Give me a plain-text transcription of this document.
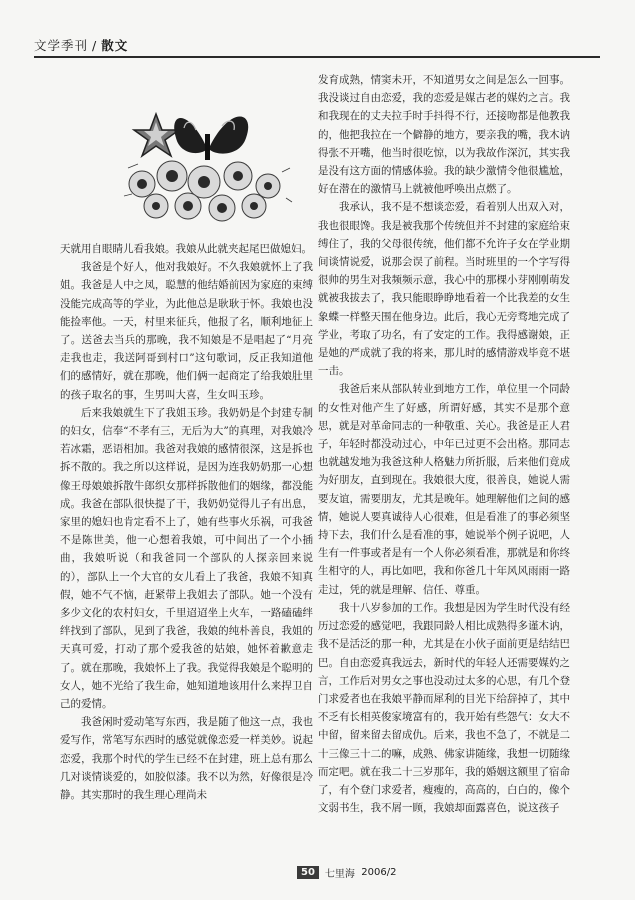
文学季刊 / 散文

天就用自眼睛儿看我娘。我娘从此就夹起尾巴做媳妇。

我爸是个好人，他对我娘好。不久我娘就怀上了我姐。我爸是人中之凤，聪慧的他结婚前因为家庭的束缚没能完成高等的学业，为此他总是耿耿于怀。我娘也没能捡率他。一天，村里来征兵，他报了名，顺利地征上了。送爸去当兵的那晚，我不知娘是不是唱起了“月亮走我也走，我送阿哥到村口”这句歌词，反正我知道他们的感情好，就在那晚，他们俩一起商定了给我娘肚里的孩子取名的事，生男叫大喜，生女叫玉珍。

后来我娘就生下了我姐玉珍。我奶奶是个封建专制的妇女，信奉“不孝有三，无后为大”的真理，对我娘冷若冰霜，恶语相加。我爸对我娘的感情很深，这是拆也拆不散的。我之所以这样说，是因为连我奶奶那一心想像王母娘娘拆散牛郎织女那样拆散他们的姻缘，都没能成。我爸在部队很快提了干，我奶奶觉得儿子有出息，家里的媳妇也肯定看不上了，她有些事火乐祸，可我爸不是陈世美，他一心想着我娘，可中间出了一个小插曲，我娘听说（和我爸同一个部队的人探亲回来说的），部队上一个大官的女儿看上了我爸，我娘不知真假，她不气不恼，赶紧带上我姐去了部队。她一个没有多少文化的农村妇女，千里迢迢坐上火车，一路磕磕绊绊找到了部队，见到了我爸，我娘的纯朴善良，我姐的天真可爱，打动了那个爱我爸的姑娘，她怀着歉意走了。就在那晚，我娘怀上了我。我觉得我娘是个聪明的女人，她不光给了我生命，她知道地该用什么来捍卫自己的爱情。

我爸闲时爱动笔写东西，我是随了他这一点，我也爱写作，常笔写东西时的感觉就像恋爱一样美妙。说起恋爱，我那个时代的学生已经不在封建，班上总有那么几对谈情谈爱的，如胶似漆。我不以为然，好像很是冷静。其实那时的我生理心理尚未

发育成熟，情窦未开，不知道男女之间是怎么一回事。我没谈过自由恋爱，我的恋爱是媒古老的媒妁之言。我和我现在的丈夫拉手时手抖得不行，还接吻都是他教我的，他把我拉在一个僻静的地方，要亲我的嘴，我木讷得张不开嘴，他当时很吃惊，以为我故作深沉，其实我是没有这方面的情感体验。我的缺少激情令他很尴尬，好在潜在的激情马上就被他呼唤出点燃了。

我承认，我不是不想谈恋爱，看着别人出双入对，我也很眼馋。我是被我那个传统但并不封建的家庭给束缚住了，我的父母很传统，他们都不允许子女在学业期间谈情说爱，说那会误了前程。当时班里的一个字写得很帅的男生对我频频示意，我心中的那棵小芽刚刚萌发就被我拔去了，我只能眼睁睁地看着一个比我差的女生象蝶一样整天围在他身边。此后，我心无旁骛地完成了学业，考取了功名，有了安定的工作。我得感谢娘，正是她的严成就了我的将来，那儿时的感情游戏毕竟不堪一击。

我爸后来从部队转业到地方工作，单位里一个同龄的女性对他产生了好感，所谓好感，其实不是那个意思，就是对革命同志的一种敬重、关心。我爸是正人君子，年轻时都没动过心，中年已过更不会出格。那同志也就越发地为我爸这种人格魅力所折服，后来他们竟成为好朋友，直到现在。我娘很大度，很善良，她说人需要友谊，需要朋友，尤其是晚年。她理解他们之间的感情，她说人要真诚待人心很难，但是看准了的事必须坚持下去，我们什么是看准的事，她说举个例子说吧，人生有一件事或者是有一个人你必须看准，那就是和你终生相守的人，再比如吧，我和你爸几十年风风雨雨一路走过，凭的就是理解、信任、尊重。

我十八岁参加的工作。我想是因为学生时代没有经历过恋爱的感觉吧，我跟同龄人相比成熟得多谨木讷，我不是活泛的那一种，尤其是在小伙子面前更是结结巴巴。自由恋爱真我远去，新时代的年轻人还需要媒妁之言，工作后对男女之事也没动过太多的心思，有几个登门求爱者也在我娘平静而犀利的目光下给辞掉了，其中不乏有长相英俊家境富有的，我开始有些怨气：女大不中留，留来留去留成仇。后来，我也不急了，不就是二十三像三十二的嘛，成熟、佛家讲随缘，我想一切随缘而定吧。就在我二十三岁那年，我的婚姻这额里了宿命了，有个登门求爱者，瘦瘦的，高高的，白白的，像个文弱书生，我不屑一顾，我娘却面露喜色，说这孩子

50	七里海
2006/2
